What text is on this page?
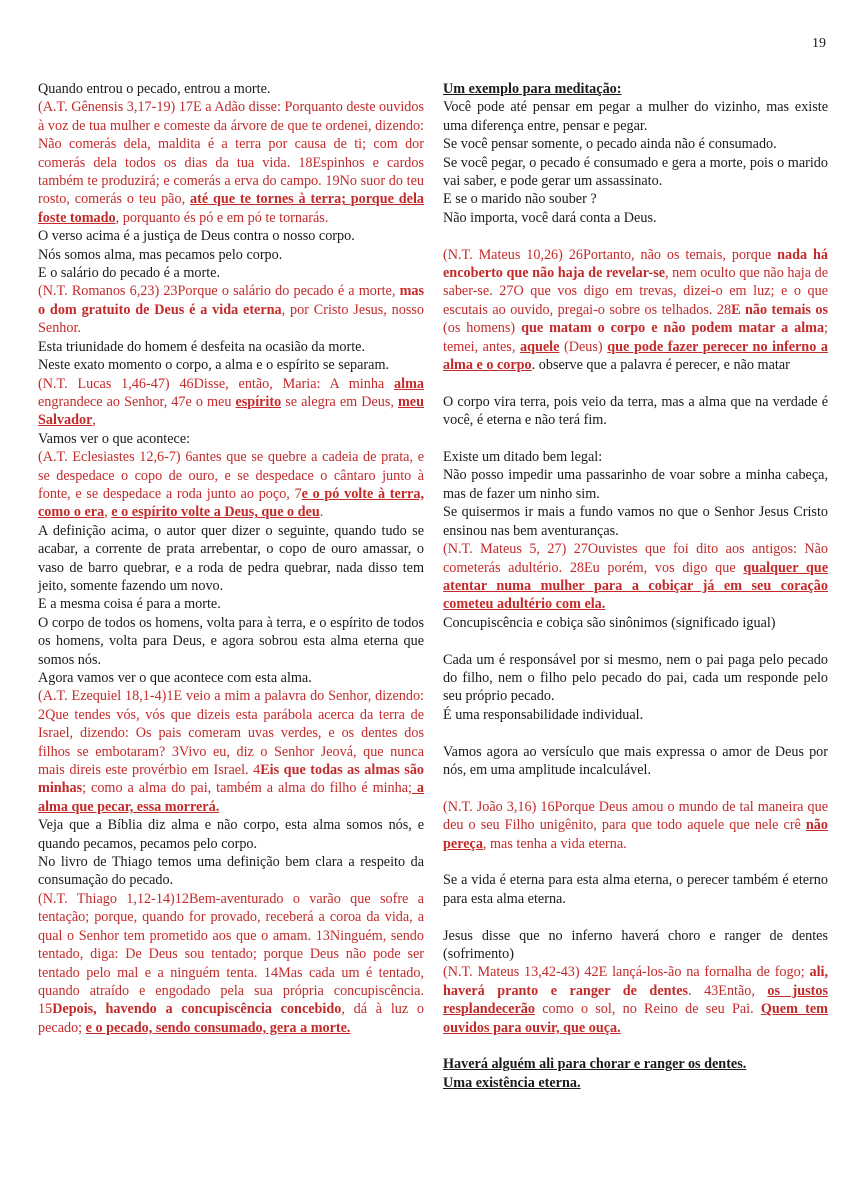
19

Quando entrou o pecado, entrou a morte.

(A.T. Gênensis 3,17-19) 17E a Adão disse: Porquanto deste ouvidos à voz de tua mulher e comeste da árvore de que te ordenei, dizendo: Não comerás dela, maldita é a terra por causa de ti; com dor comerás dela todos os dias da tua vida. 18Espinhos e cardos também te produzirá; e comerás a erva do campo. 19No suor do teu rosto, comerás o teu pão, até que te tornes à terra; porque dela foste tomado, porquanto és pó e em pó te tornarás.

O verso acima é a justiça de Deus contra o nosso corpo.

Nós somos alma, mas pecamos pelo corpo.

E o salário do pecado é a morte.

(N.T. Romanos 6,23) 23Porque o salário do pecado é a morte, mas o dom gratuito de Deus é a vida eterna, por Cristo Jesus, nosso Senhor.

Esta triunidade do homem é desfeita na ocasião da morte.

Neste exato momento o corpo, a alma e o espírito se separam.

(N.T. Lucas 1,46-47) 46Disse, então, Maria: A minha alma engrandece ao Senhor, 47e o meu espírito se alegra em Deus, meu Salvador,

Vamos ver o que acontece:

(A.T. Eclesiastes 12,6-7) 6antes que se quebre a cadeia de prata, e se despedace o copo de ouro, e se despedace o cântaro junto à fonte, e se despedace a roda junto ao poço, 7e o pó volte à terra, como o era, e o espírito volte a Deus, que o deu.

A definição acima, o autor quer dizer o seguinte, quando tudo se acabar, a corrente de prata arrebentar, o copo de ouro amassar, o vaso de barro quebrar, e a roda de pedra quebrar, nada disso tem jeito, somente fazendo um novo.

E a mesma coisa é para a morte.

O corpo de todos os homens, volta para à terra, e o espírito de todos os homens, volta para Deus, e agora sobrou esta alma eterna que somos nós.

Agora vamos ver o que acontece com esta alma.

(A.T. Ezequiel 18,1-4)1E veio a mim a palavra do Senhor, dizendo: 2Que tendes vós, vós que dizeis esta parábola acerca da terra de Israel, dizendo: Os pais comeram uvas verdes, e os dentes dos filhos se embotaram? 3Vivo eu, diz o Senhor Jeová, que nunca mais direis este provérbio em Israel. 4Eis que todas as almas são minhas; como a alma do pai, também a alma do filho é minha; a alma que pecar, essa morrerá.

Veja que a Bíblia diz alma e não corpo, esta alma somos nós, e quando pecamos, pecamos pelo corpo.

No livro de Thiago temos uma definição bem clara a respeito da consumação do pecado.

(N.T. Thiago 1,12-14)12Bem-aventurado o varão que sofre a tentação; porque, quando for provado, receberá a coroa da vida, a qual o Senhor tem prometido aos que o amam. 13Ninguém, sendo tentado, diga: De Deus sou tentado; porque Deus não pode ser tentado pelo mal e a ninguém tenta. 14Mas cada um é tentado, quando atraído e engodado pela sua própria concupiscência. 15Depois, havendo a concupiscência concebido, dá à luz o pecado; e o pecado, sendo consumado, gera a morte.

Um exemplo para meditação:

Você pode até pensar em pegar a mulher do vizinho, mas existe uma diferença entre, pensar e pegar.

Se você pensar somente, o pecado ainda não é consumado.

Se você pegar, o pecado é consumado e gera a morte, pois o marido vai saber, e pode gerar um assassinato.

E se o marido não souber ?

Não importa, você dará conta a Deus.

(N.T. Mateus 10,26) 26Portanto, não os temais, porque nada há encoberto que não haja de revelar-se, nem oculto que não haja de saber-se. 27O que vos digo em trevas, dizei-o em luz; e o que escutais ao ouvido, pregai-o sobre os telhados. 28E não temais os (os homens) que matam o corpo e não podem matar a alma; temei, antes, aquele (Deus) que pode fazer perecer no inferno a alma e o corpo. observe que a palavra é perecer, e não matar

O corpo vira terra, pois veio da terra, mas a alma que na verdade é você, é eterna e não terá fim.

Existe um ditado bem legal:

Não posso impedir uma passarinho de voar sobre a minha cabeça, mas de fazer um ninho sim.

Se quisermos ir mais a fundo vamos no que o Senhor Jesus Cristo ensinou nas bem aventuranças.

(N.T. Mateus 5, 27) 27Ouvistes que foi dito aos antigos: Não cometerás adultério. 28Eu porém, vos digo que qualquer que atentar numa mulher para a cobiçar já em seu coração cometeu adultério com ela.

Concupiscência e cobiça são sinônimos (significado igual)

Cada um é responsável por si mesmo, nem o pai paga pelo pecado do filho, nem o filho pelo pecado do pai, cada um responde pelo seu próprio pecado.

É uma responsabilidade individual.

Vamos agora ao versículo que mais expressa o amor de Deus por nós, em uma amplitude incalculável.

(N.T. João 3,16) 16Porque Deus amou o mundo de tal maneira que deu o seu Filho unigênito, para que todo aquele que nele crê não pereça, mas tenha a vida eterna.

Se a vida é eterna para esta alma eterna, o perecer também é eterno para esta alma eterna.

Jesus disse que no inferno haverá choro e ranger de dentes (sofrimento)

(N.T. Mateus 13,42-43) 42E lançá-los-ão na fornalha de fogo; ali, haverá pranto e ranger de dentes. 43Então, os justos resplandecerão como o sol, no Reino de seu Pai. Quem tem ouvidos para ouvir, que ouça.

Haverá alguém ali para chorar e ranger os dentes.

Uma existência eterna.
